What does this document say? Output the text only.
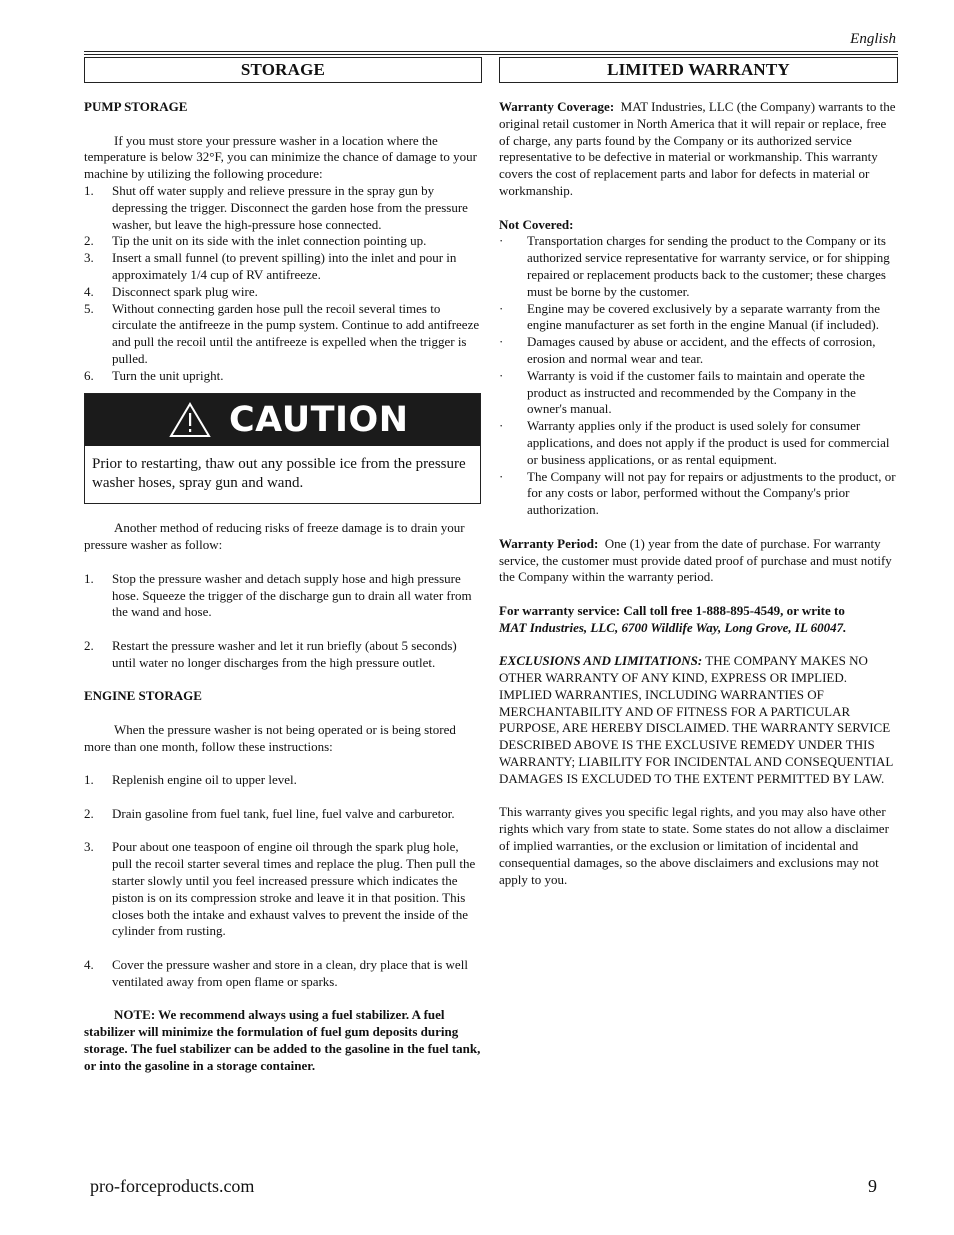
English
STORAGE
PUMP STORAGE
If you must store your pressure washer in a location where the temperature is below 32°F, you can minimize the chance of damage to your machine by utilizing the following procedure:
1.	Shut off water supply and relieve pressure in the spray gun by depressing the trigger. Disconnect the garden hose from the pressure washer, but leave the high-pressure hose connected.
2.	Tip the unit on its side with the inlet connection pointing up.
3.	Insert a small funnel (to prevent spilling) into the inlet and pour in approximately 1/4 cup of RV antifreeze.
4.	Disconnect spark plug wire.
5.	Without connecting garden hose pull the recoil several times to circulate the antifreeze in the pump system. Continue to add antifreeze and pull the recoil until the antifreeze is expelled when the trigger is pulled.
6.	Turn the unit upright.
CAUTION
Prior to restarting, thaw out any possible ice from the pressure washer hoses, spray gun and wand.
Another method of reducing risks of freeze damage is to drain your pressure washer as follow:
1.	Stop the pressure washer and detach supply hose and high pressure hose. Squeeze the trigger of the discharge gun to drain all water from the wand and hose.
2.	Restart the pressure washer and let it run briefly (about 5 seconds) until water no longer discharges from the high pressure outlet.
ENGINE STORAGE
When the pressure washer is not being operated or is being stored more than one month, follow these instructions:
1.	Replenish engine oil to upper level.
2.	Drain gasoline from fuel tank, fuel line, fuel valve and carburetor.
3.	Pour about one teaspoon of engine oil through the spark plug hole, pull the recoil starter several times and replace the plug. Then pull the starter slowly until you feel increased pressure which indicates the piston is on its compression stroke and leave it in that position. This closes both the intake and exhaust valves to prevent the inside of the cylinder from rusting.
4.	Cover the pressure washer and store in a clean, dry place that is well ventilated away from open flame or sparks.
NOTE: We recommend always using a fuel stabilizer. A fuel stabilizer will minimize the formulation of fuel gum deposits during storage. The fuel stabilizer can be added to the gasoline in the fuel tank, or into the gasoline in a storage container.
LIMITED WARRANTY
Warranty Coverage: MAT Industries, LLC (the Company) warrants to the original retail customer in North America that it will repair or replace, free of charge, any parts found by the Company or its authorized service representative to be defective in material or workmanship. This warranty covers the cost of replacement parts and labor for defects in material or workmanship.
Not Covered:
·	Transportation charges for sending the product to the Company or its authorized service representative for warranty service, or for shipping repaired or replacement products back to the customer; these charges must be borne by the customer.
·	Engine may be covered exclusively by a separate warranty from the engine manufacturer as set forth in the engine Manual (if included).
·	Damages caused by abuse or accident, and the effects of corrosion, erosion and normal wear and tear.
·	Warranty is void if the customer fails to maintain and operate the product as instructed and recommended by the Company in the owner's manual.
·	Warranty applies only if the product is used solely for consumer applications, and does not apply if the product is used for commercial or business applications, or as rental equipment.
·	The Company will not pay for repairs or adjustments to the product, or for any costs or labor, performed without the Company's prior authorization.
Warranty Period: One (1) year from the date of purchase. For warranty service, the customer must provide dated proof of purchase and must notify the Company within the warranty period.
For warranty service: Call toll free 1-888-895-4549, or write to
MAT Industries, LLC, 6700 Wildlife Way, Long Grove, IL 60047.
EXCLUSIONS AND LIMITATIONS: THE COMPANY MAKES NO OTHER WARRANTY OF ANY KIND, EXPRESS OR IMPLIED. IMPLIED WARRANTIES, INCLUDING WARRANTIES OF MERCHANTABILITY AND OF FITNESS FOR A PARTICULAR PURPOSE, ARE HEREBY DISCLAIMED. THE WARRANTY SERVICE DESCRIBED ABOVE IS THE EXCLUSIVE REMEDY UNDER THIS WARRANTY; LIABILITY FOR INCIDENTAL AND CONSEQUENTIAL DAMAGES IS EXCLUDED TO THE EXTENT PERMITTED BY LAW.
This warranty gives you specific legal rights, and you may also have other rights which vary from state to state. Some states do not allow a disclaimer of implied warranties, or the exclusion or limitation of incidental and consequential damages, so the above disclaimers and exclusions may not apply to you.
pro-forceproducts.com	9
